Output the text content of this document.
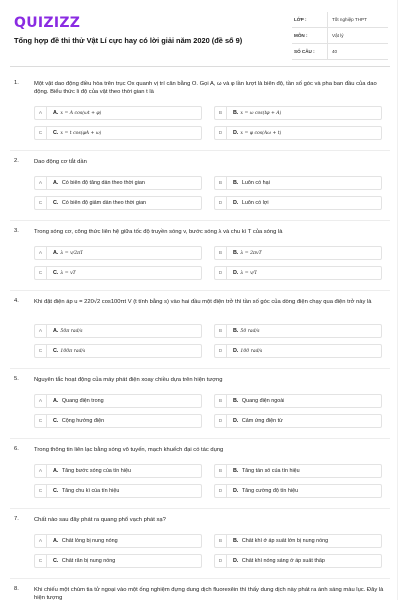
QUIZIZZ
Tổng hợp đề thi thử Vật Lí cực hay có lời giải năm 2020 (đề số 9)
LỚP :	Tốt nghiệp THPT
MÔN :	Vật lý
SỐ CÂU :	40
1.	Một vật dao động điều hòa trên trục Ox quanh vị trí cân bằng O. Gọi A, ω và φ lần lượt là biên độ, tần số góc và pha ban đầu của dao động. Biểu thức li độ của vật theo thời gian t là
A	A. x = A cos(ωt + φ)	B	B. x = ω cos(tφ + A)
C	C. x = t cos(φA + ω)	D	D. x = φ cos(Aω + t)
2.	Dao động cơ tắt dần
A	A. Có biên độ tăng dần theo thời gian	B	B. Luôn có hại
C	C. Có biên độ giảm dần theo thời gian	D	D. Luôn có lợi
3.	Trong sóng cơ, công thức liên hệ giữa tốc độ truyền sóng v, bước sóng λ và chu kì T của sóng là
A	A. λ = v/2πT	B	B. λ = 2πvT
C	C. λ = vT	D	D. λ = v/T
4.	Khi đặt điện áp u = 220√2 cos100πt V (t tính bằng s) vào hai đầu một điện trở thì tần số góc của dòng điện chạy qua điện trở này là
A	A. 50π rad/s	B	B. 50 rad/s
C	C. 100π rad/s	D	D. 100 rad/s
5.	Nguyên tắc hoạt động của máy phát điện xoay chiều dựa trên hiện tượng
A	A. Quang điện trong	B	B. Quang điện ngoài
C	C. Cộng hưởng điện	D	D. Cảm ứng điện từ
6.	Trong thông tin liên lạc bằng sóng vô tuyến, mạch khuếch đại có tác dụng
A	A. Tăng bước sóng của tín hiệu	B	B. Tăng tần số của tín hiệu
C	C. Tăng chu kì của tín hiệu	D	D. Tăng cường độ tín hiệu
7.	Chất nào sau đây phát ra quang phổ vạch phát xạ?
A	A. Chất lỏng bị nung nóng	B	B. Chất khí ở áp suất lớn bị nung nóng
C	C. Chất rắn bị nung nóng	D	D. Chất khí nóng sáng ở áp suất thấp
8.	Khi chiếu một chùm tia tử ngoại vào một ống nghiệm đựng dung dịch fluorexêin thì thấy dung dịch này phát ra ánh sáng màu lục. Đây là hiện tượng
